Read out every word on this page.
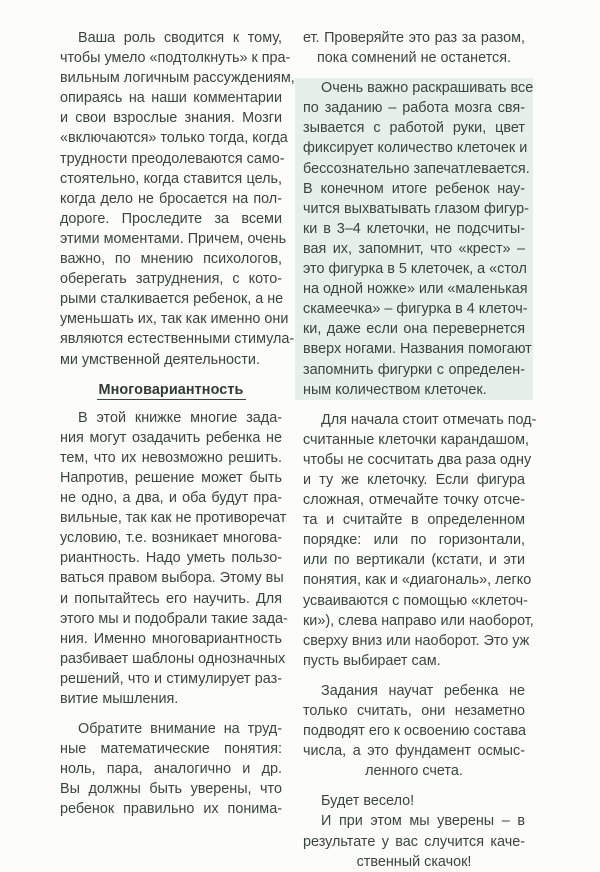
Ваша роль сводится к тому,
чтобы умело «подтолкнуть» к пра-
вильным логичным рассуждениям,
опираясь на наши комментарии
и свои взрослые знания. Мозги
«включаются» только тогда, когда
трудности преодолеваются само-
стоятельно, когда ставится цель,
когда дело не бросается на пол-
дороге. Проследите за всеми
этими моментами. Причем, очень
важно, по мнению психологов,
оберегать затруднения, с кото-
рыми сталкивается ребенок, а не
уменьшать их, так как именно они
являются естественными стимула-
ми умственной деятельности.
Многовариантность
В этой книжке многие зада-
ния могут озадачить ребенка не
тем, что их невозможно решить.
Напротив, решение может быть
не одно, а два, и оба будут пра-
вильные, так как не противоречат
условию, т.е. возникает многова-
риантность. Надо уметь пользо-
ваться правом выбора. Этому вы
и попытайтесь его научить. Для
этого мы и подобрали такие зада-
ния. Именно многовариантность
разбивает шаблоны однозначных
решений, что и стимулирует раз-
витие мышления.
Обратите внимание на труд-
ные математические понятия:
ноль, пара, аналогично и др.
Вы должны быть уверены, что
ребенок правильно их понима-
ет. Проверяйте это раз за разом,
пока сомнений не останется.
Очень важно раскрашивать все
по заданию – работа мозга свя-
зывается с работой руки, цвет
фиксирует количество клеточек и
бессознательно запечатлевается.
В конечном итоге ребенок нау-
чится выхватывать глазом фигур-
ки в 3–4 клеточки, не подсчиты-
вая их, запомнит, что «крест» –
это фигурка в 5 клеточек, а «стол
на одной ножке» или «маленькая
скамеечка» – фигурка в 4 клеточ-
ки, даже если она перевернется
вверх ногами. Названия помогают
запомнить фигурки с определен-
ным количеством клеточек.
Для начала стоит отмечать под-
считанные клеточки карандашом,
чтобы не сосчитать два раза одну
и ту же клеточку. Если фигура
сложная, отмечайте точку отсче-
та и считайте в определенном
порядке: или по горизонтали,
или по вертикали (кстати, и эти
понятия, как и «диагональ», легко
усваиваются с помощью «клеточ-
ки»), слева направо или наоборот,
сверху вниз или наоборот. Это уж
пусть выбирает сам.
Задания научат ребенка не
только считать, они незаметно
подводят его к освоению состава
числа, а это фундамент осмыс-
ленного счета.
Будет весело!
И при этом мы уверены – в
результате у вас случится каче-
ственный скачок!
